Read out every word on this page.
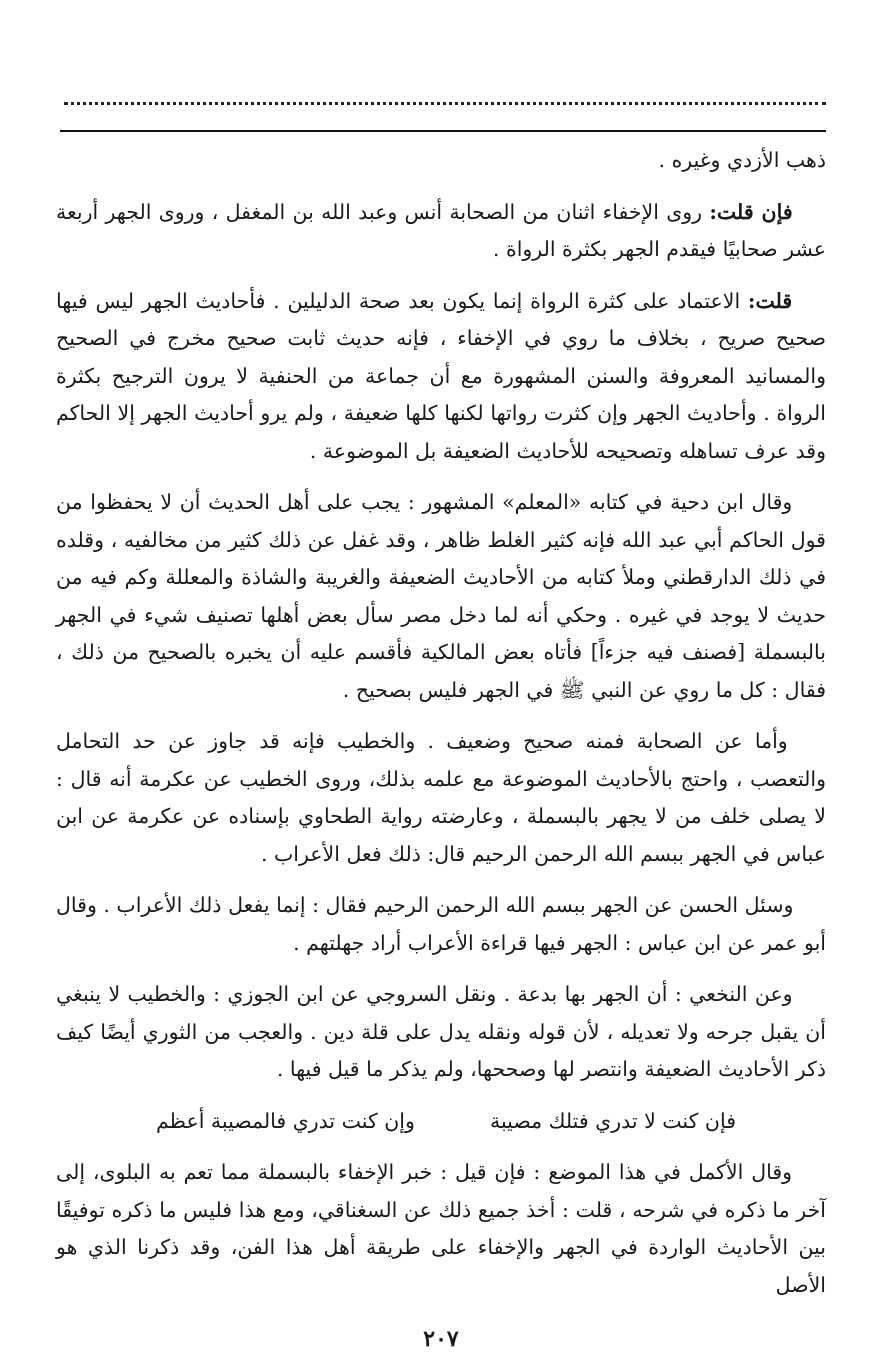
ذهب الأزدي وغيره .

فإن قلت: روى الإخفاء اثنان من الصحابة أنس وعبد الله بن المغفل ، وروى الجهر أربعة عشر صحابيًا فيقدم الجهر بكثرة الرواة .

قلت: الاعتماد على كثرة الرواة إنما يكون بعد صحة الدليلين . فأحاديث الجهر ليس فيها صحيح صريح ، بخلاف ما روي في الإخفاء ، فإنه حديث ثابت صحيح مخرج في الصحيح والمسانيد المعروفة والسنن المشهورة مع أن جماعة من الحنفية لا يرون الترجيح بكثرة الرواة . وأحاديث الجهر وإن كثرت رواتها لكنها كلها ضعيفة ، ولم يرو أحاديث الجهر إلا الحاكم وقد عرف تساهله وتصحيحه للأحاديث الضعيفة بل الموضوعة .

وقال ابن دحية في كتابه «المعلم» المشهور : يجب على أهل الحديث أن لا يحفظوا من قول الحاكم أبي عبد الله فإنه كثير الغلط ظاهر ، وقد غفل عن ذلك كثير من مخالفيه ، وقلده في ذلك الدارقطني وملأ كتابه من الأحاديث الضعيفة والغريبة والشاذة والمعللة وكم فيه من حديث لا يوجد في غيره . وحكي أنه لما دخل مصر سأل بعض أهلها تصنيف شيء في الجهر بالبسملة [فصنف فيه جزءاً] فأتاه بعض المالكية فأقسم عليه أن يخبره بالصحيح من ذلك ، فقال : كل ما روي عن النبي ﷺ في الجهر فليس بصحيح .

وأما عن الصحابة فمنه صحيح وضعيف . والخطيب فإنه قد جاوز عن حد التحامل والتعصب ، واحتج بالأحاديث الموضوعة مع علمه بذلك، وروى الخطيب عن عكرمة أنه قال : لا يصلى خلف من لا يجهر بالبسملة ، وعارضته رواية الطحاوي بإسناده عن عكرمة عن ابن عباس في الجهر ببسم الله الرحمن الرحيم قال: ذلك فعل الأعراب .

وسئل الحسن عن الجهر ببسم الله الرحمن الرحيم فقال : إنما يفعل ذلك الأعراب . وقال أبو عمر عن ابن عباس : الجهر فيها قراءة الأعراب أراد جهلتهم .

وعن النخعي : أن الجهر بها بدعة . ونقل السروجي عن ابن الجوزي : والخطيب لا ينبغي أن يقبل جرحه ولا تعديله ، لأن قوله ونقله يدل على قلة دين . والعجب من الثوري أيضًا كيف ذكر الأحاديث الضعيفة وانتصر لها وصححها، ولم يذكر ما قيل فيها .

فإن كنت لا تدري فتلك مصيبة
وإن كنت تدري فالمصيبة أعظم

وقال الأكمل في هذا الموضع : فإن قيل : خبر الإخفاء بالبسملة مما تعم به البلوى، إلى آخر ما ذكره في شرحه ، قلت : أخذ جميع ذلك عن السغناقي، ومع هذا فليس ما ذكره توفيقًا بين الأحاديث الواردة في الجهر والإخفاء على طريقة أهل هذا الفن، وقد ذكرنا الذي هو الأصل

٢٠٧
